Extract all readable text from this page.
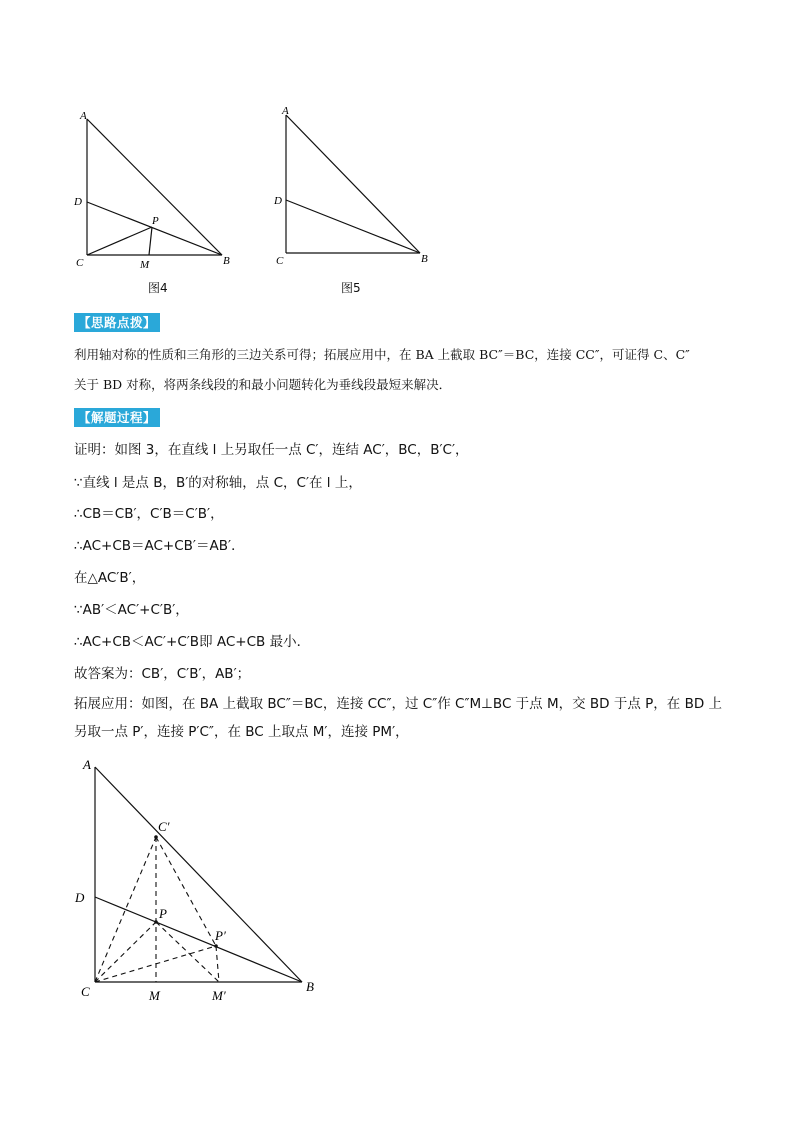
A
D
C	B
P
M
图4
A
D
C	B
图5
【思路点拨】
利用轴对称的性质和三角形的三边关系可得；拓展应用中，在 BA 上截取 BC″＝BC，连接 CC″，可证得 C、C″
关于 BD 对称，将两条线段的和最小问题转化为垂线段最短来解决．
【解题过程】
证明：如图 3，在直线 l 上另取任一点 C′，连结 AC′，BC，B′C′，
∵直线 l 是点 B，B′的对称轴，点 C，C′在 l 上，
∴CB＝CB′，C′B＝C′B′，
∴AC+CB＝AC+CB′＝AB′．
在△AC′B′，
∵AB′＜AC′+C′B′，
∴AC+CB＜AC′+C′B即 AC+CB 最小．
故答案为：CB′，C′B′，AB′；
拓展应用：如图，在 BA 上截取 BC″＝BC，连接 CC″，过 C″作 C″M⊥BC 于点 M，交 BD 于点 P，在 BD 上另取一点 P′，连接 P′C″，在 BC 上取点 M′，连接 PM′，
A
C′
D
P
P′
C	M	M′
B
